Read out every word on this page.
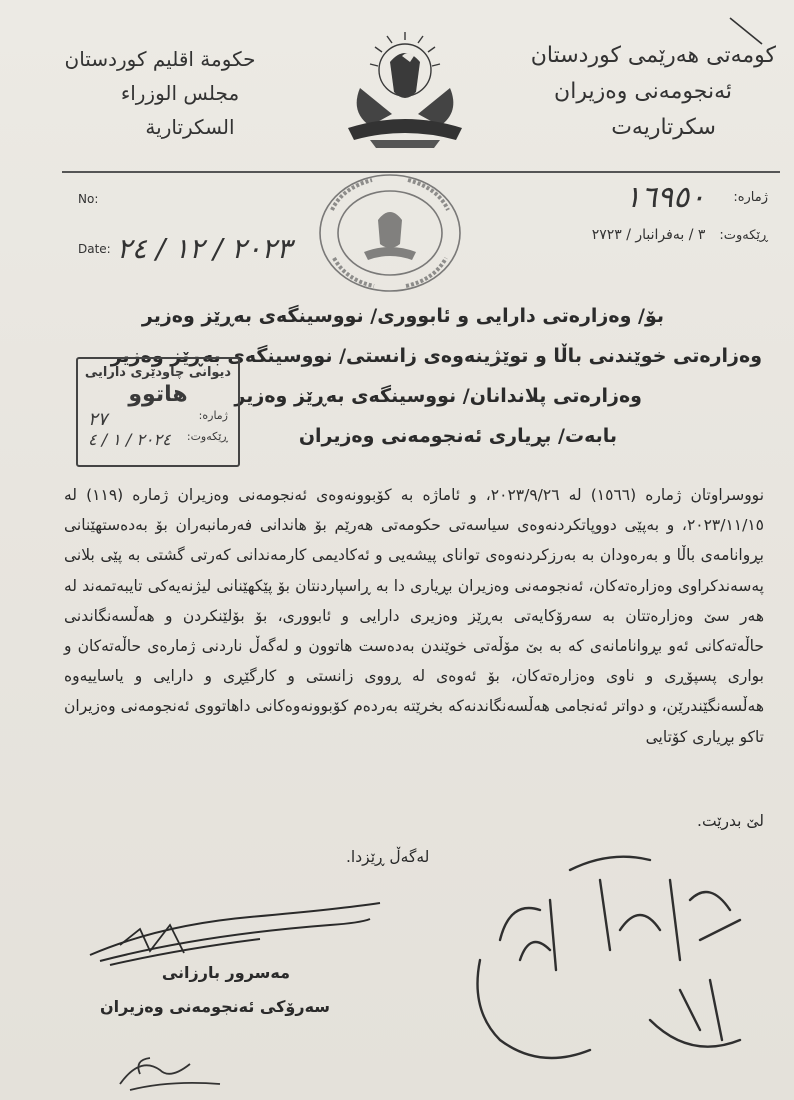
کومەتی هەرێمی کوردستان
ئەنجومەنی وەزیران
سکرتاریەت
حكومة اقليم كوردستان
مجلس الوزراء
السكرتارية
No:
Date: ٢٠٢٣ / ١٢ / ٢٤
ژمارە:
١٦٩٥٠
ڕێکەوت:
٣ / بەفرانبار / ٢٧٢٣
بۆ/ وەزارەتی دارایی و ئابووری/ نووسینگەی بەڕێز وەزیر
وەزارەتی خوێندنی باڵا و توێژینەوەی زانستی/ نووسینگەی بەڕێز وەزیر
وەزارەتی پلاندانان/ نووسینگەی بەڕێز وەزیر
بابەت/ بڕیاری ئەنجومەنی وەزیران
دیوانی چاودێری دارایی
هاتوو
ژمارە:
٢٧
ڕێکەوت:
٢٠٢٤ / ١ / ٤
نووسراوتان ژمارە (١٥٦٦) لە ٢٠٢٣/٩/٢٦، و ئاماژە بە کۆبوونەوەی ئەنجومەنی وەزیران ژمارە (١١٩) لە ٢٠٢٣/١١/١٥، و بەپێی دووپاتکردنەوەی سیاسەتی حکومەتی هەرێم بۆ هاندانی فەرمانبەران بۆ بەدەستهێنانی بڕوانامەی باڵا و بەرەودان بە بەرزکردنەوەی توانای پیشەیی و ئەکادیمی کارمەندانی کەرتی گشتی بە پێی بلانی پەسەندکراوی وەزارەتەکان، ئەنجومەنی وەزیران بڕیاری دا بە ڕاسپاردنتان بۆ پێکهێنانی لیژنەیەکی تایبەتمەند لە هەر سێ وەزارەتتان بە سەرۆکایەتی بەڕێز وەزیری دارایی و ئابووری، بۆ بۆلێنکردن و هەڵسەنگاندنی حاڵەتەکانی ئەو بڕوانامانەی کە بە بێ مۆڵەتی خوێندن بەدەست هاتوون و لەگەڵ ناردنی ژمارەی حاڵەتەکان و بواری پسپۆڕی و ناوی وەزارەتەکان، بۆ ئەوەی لە ڕووی زانستی و کارگێڕی و دارایی و یاساییەوە هەڵسەنگێندرێن، و دواتر ئەنجامی هەڵسەنگاندنەکە بخرێتە بەردەم کۆبوونەوەکانی داهاتووی ئەنجومەنی وەزیران تاکو بڕیاری کۆتایی
لێ بدرێت.
لەگەڵ ڕێزدا.
مەسرور بارزانی
سەرۆکی ئەنجومەنی وەزیران
